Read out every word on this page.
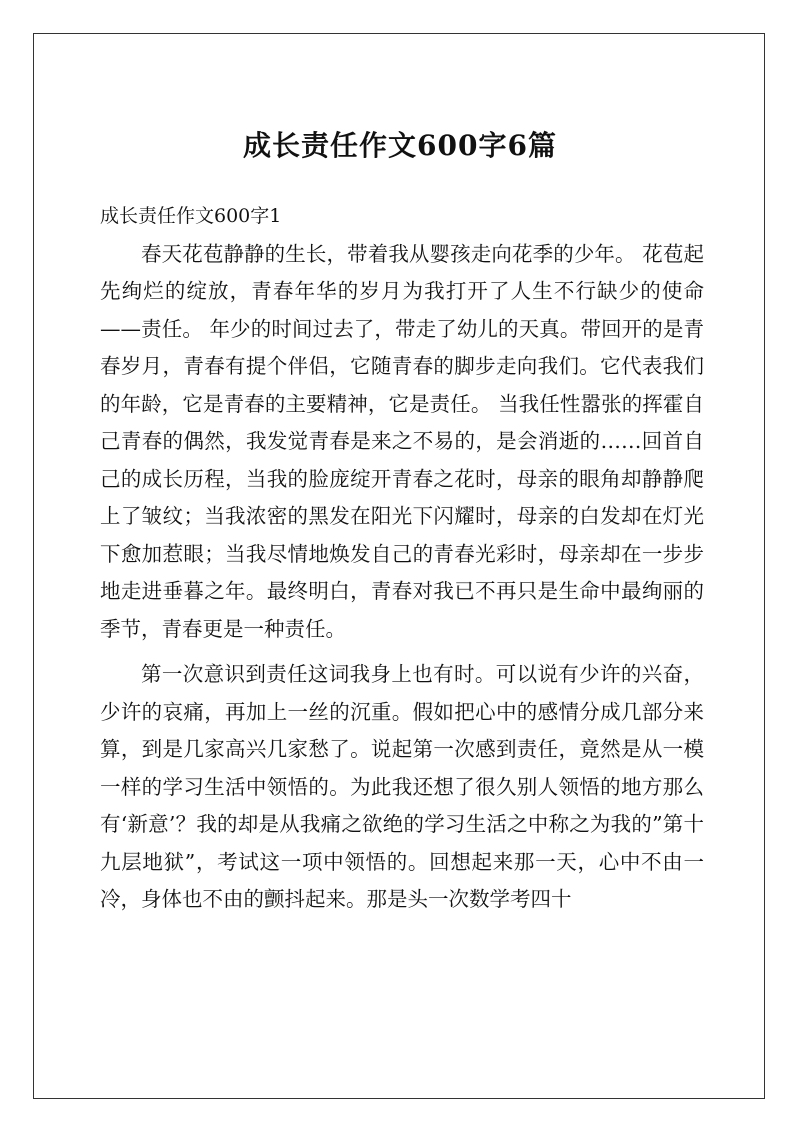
成长责任作文600字6篇

成长责任作文600字1

春天花苞静静的生长，带着我从婴孩走向花季的少年。 花苞起先绚烂的绽放，青春年华的岁月为我打开了人生不行缺少的使命——责任。 年少的时间过去了，带走了幼儿的天真。带回开的是青春岁月，青春有提个伴侣，它随青春的脚步走向我们。它代表我们的年龄，它是青春的主要精神，它是责任。 当我任性嚣张的挥霍自己青春的偶然，我发觉青春是来之不易的，是会消逝的……回首自己的成长历程，当我的脸庞绽开青春之花时，母亲的眼角却静静爬上了皱纹；当我浓密的黑发在阳光下闪耀时，母亲的白发却在灯光下愈加惹眼；当我尽情地焕发自己的青春光彩时，母亲却在一步步地走进垂暮之年。最终明白，青春对我已不再只是生命中最绚丽的季节，青春更是一种责任。

第一次意识到责任这词我身上也有时。可以说有少许的兴奋，少许的哀痛，再加上一丝的沉重。假如把心中的感情分成几部分来算，到是几家高兴几家愁了。说起第一次感到责任，竟然是从一模一样的学习生活中领悟的。为此我还想了很久别人领悟的地方那么有‘新意’？我的却是从我痛之欲绝的学习生活之中称之为我的”第十九层地狱”，考试这一项中领悟的。回想起来那一天，心中不由一冷，身体也不由的颤抖起来。那是头一次数学考四十
